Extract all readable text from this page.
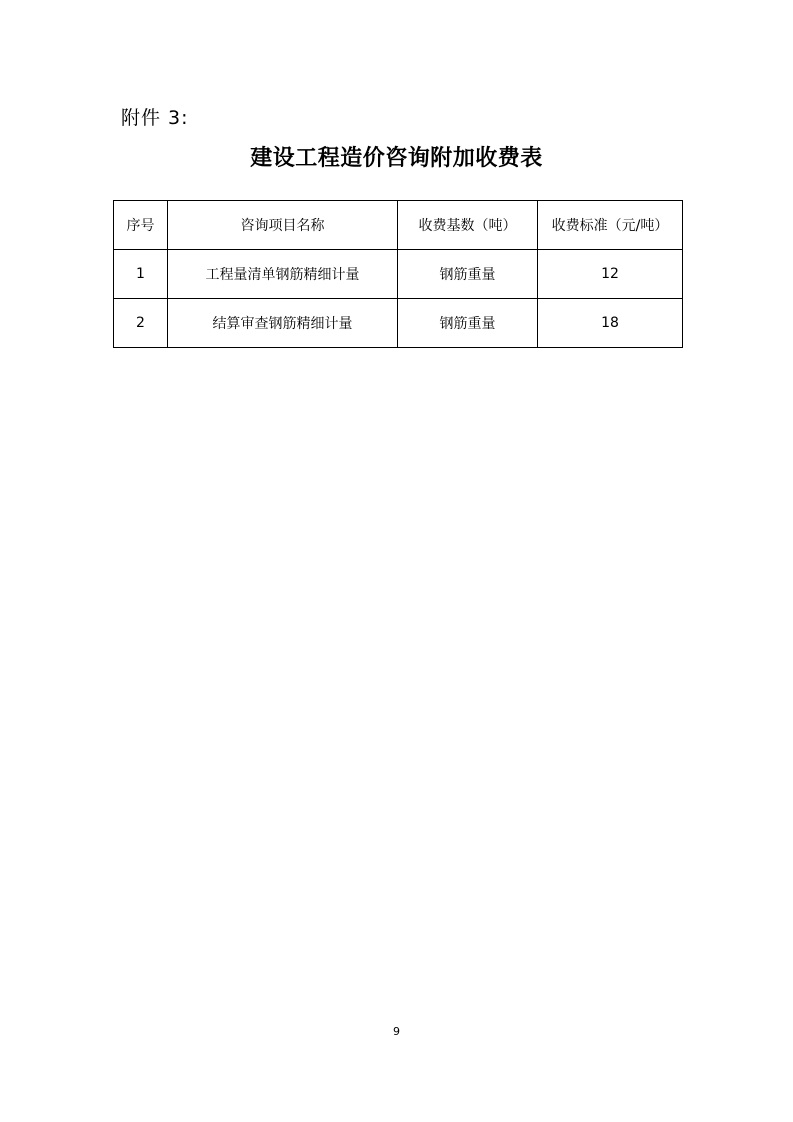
附件 3:
建设工程造价咨询附加收费表
序号	咨询项目名称	收费基数（吨）	收费标准（元/吨）
1	工程量清单钢筋精细计量	钢筋重量	12
2	结算审查钢筋精细计量	钢筋重量	18
9
